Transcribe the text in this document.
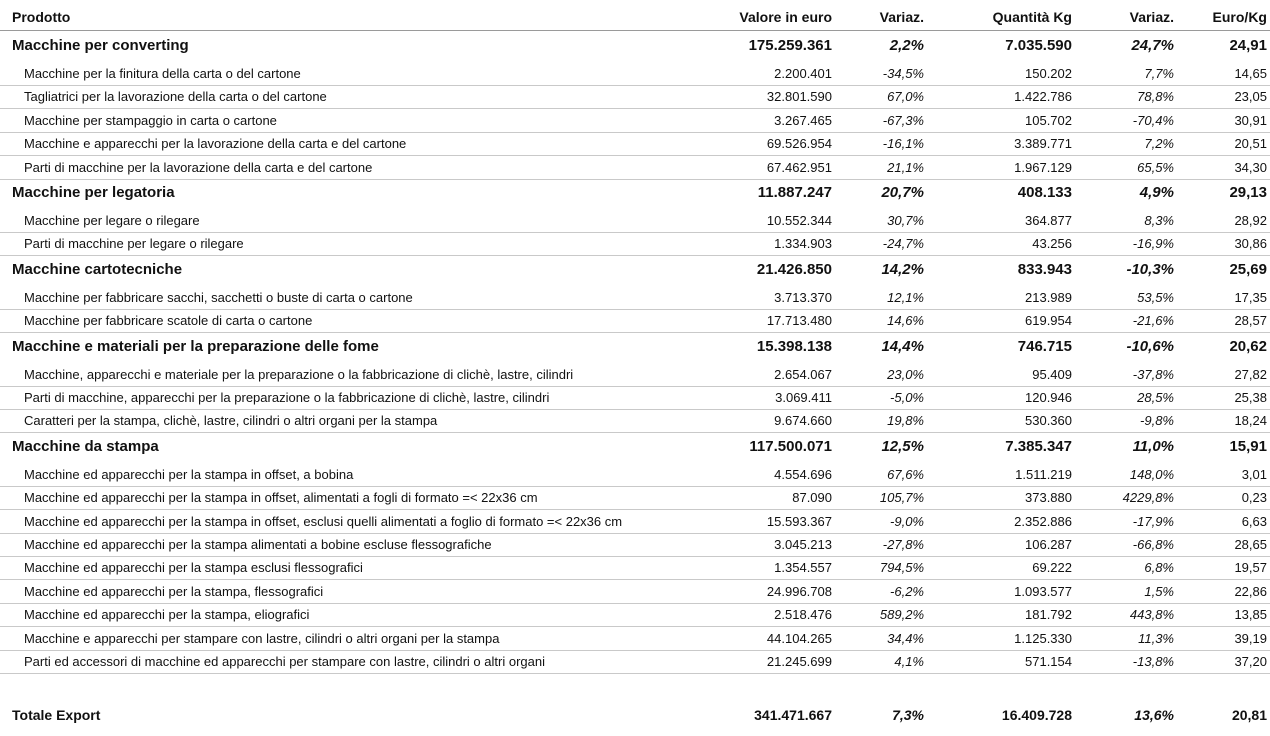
Prodotto	Valore in euro	Variaz.	Quantità Kg	Variaz.	Euro/Kg
Macchine per converting	175.259.361	2,2%	7.035.590	24,7%	24,91
Macchine per la finitura della carta o del cartone	2.200.401	-34,5%	150.202	7,7%	14,65
Tagliatrici per la lavorazione della carta o del cartone	32.801.590	67,0%	1.422.786	78,8%	23,05
Macchine per stampaggio in carta o cartone	3.267.465	-67,3%	105.702	-70,4%	30,91
Macchine e apparecchi per la lavorazione della carta e del cartone	69.526.954	-16,1%	3.389.771	7,2%	20,51
Parti di macchine per la lavorazione della carta e del cartone	67.462.951	21,1%	1.967.129	65,5%	34,30
Macchine per legatoria	11.887.247	20,7%	408.133	4,9%	29,13
Macchine per legare o rilegare	10.552.344	30,7%	364.877	8,3%	28,92
Parti di macchine per legare o rilegare	1.334.903	-24,7%	43.256	-16,9%	30,86
Macchine cartotecniche	21.426.850	14,2%	833.943	-10,3%	25,69
Macchine per fabbricare sacchi, sacchetti o buste di carta o cartone	3.713.370	12,1%	213.989	53,5%	17,35
Macchine per fabbricare scatole di carta o cartone	17.713.480	14,6%	619.954	-21,6%	28,57
Macchine e materiali per la preparazione delle fome	15.398.138	14,4%	746.715	-10,6%	20,62
Macchine, apparecchi e materiale per la preparazione o la fabbricazione di clichè, lastre, cilindri	2.654.067	23,0%	95.409	-37,8%	27,82
Parti di macchine, apparecchi per la preparazione o la fabbricazione di clichè, lastre, cilindri	3.069.411	-5,0%	120.946	28,5%	25,38
Caratteri per la stampa, clichè, lastre, cilindri o altri organi per la stampa	9.674.660	19,8%	530.360	-9,8%	18,24
Macchine da stampa	117.500.071	12,5%	7.385.347	11,0%	15,91
Macchine ed apparecchi per la stampa in offset, a bobina	4.554.696	67,6%	1.511.219	148,0%	3,01
Macchine ed apparecchi per la stampa in offset, alimentati a fogli di formato =< 22x36 cm	87.090	105,7%	373.880	4229,8%	0,23
Macchine ed apparecchi per la stampa in offset, esclusi quelli alimentati a foglio di formato =< 22x36 cm	15.593.367	-9,0%	2.352.886	-17,9%	6,63
Macchine ed apparecchi per la stampa alimentati a bobine escluse flessografiche	3.045.213	-27,8%	106.287	-66,8%	28,65
Macchine ed apparecchi per la stampa esclusi flessografici	1.354.557	794,5%	69.222	6,8%	19,57
Macchine ed apparecchi per la stampa, flessografici	24.996.708	-6,2%	1.093.577	1,5%	22,86
Macchine ed apparecchi per la stampa, eliografici	2.518.476	589,2%	181.792	443,8%	13,85
Macchine e apparecchi per stampare con lastre, cilindri o altri organi per la stampa	44.104.265	34,4%	1.125.330	11,3%	39,19
Parti ed accessori di macchine ed apparecchi per stampare con lastre, cilindri o altri organi	21.245.699	4,1%	571.154	-13,8%	37,20
Totale Export	341.471.667	7,3%	16.409.728	13,6%	20,81
